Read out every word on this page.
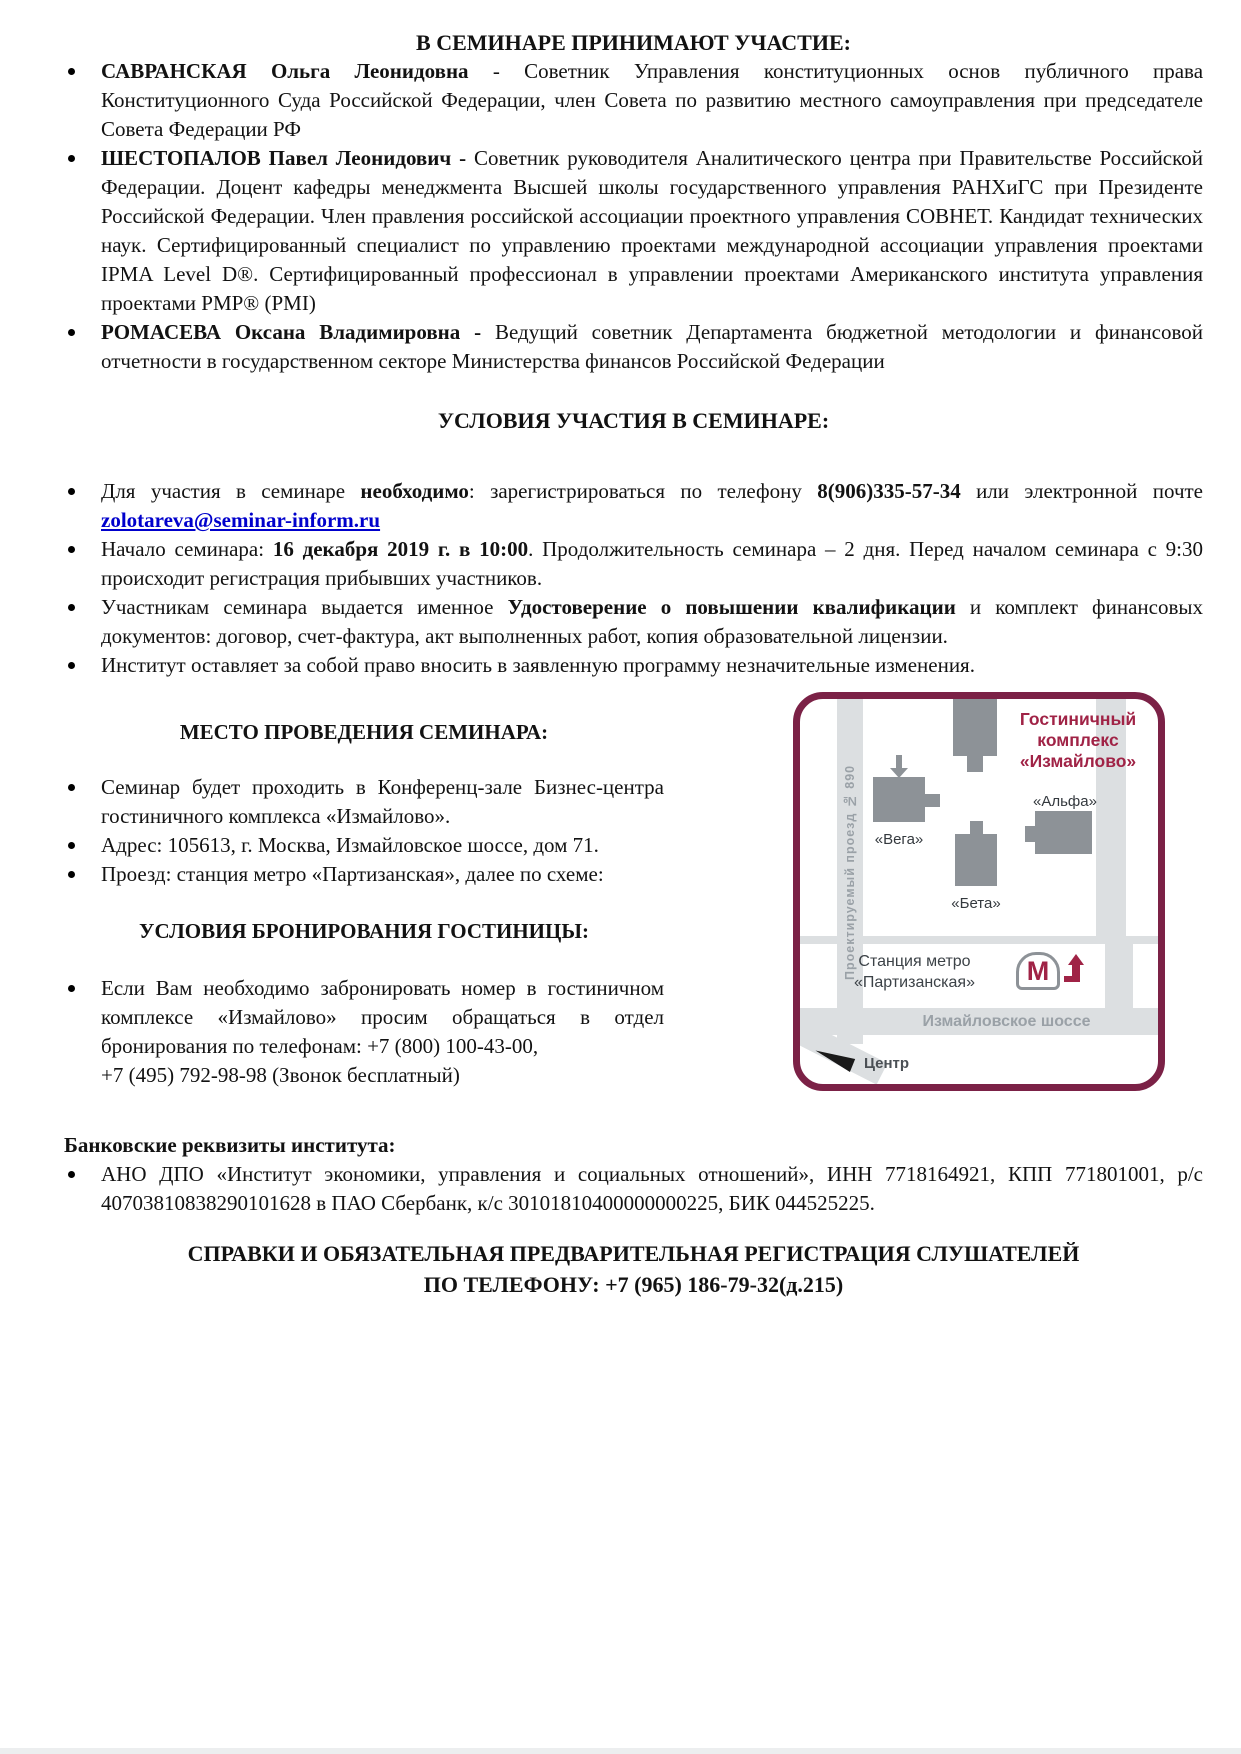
В СЕМИНАРЕ ПРИНИМАЮТ УЧАСТИЕ:
САВРАНСКАЯ Ольга Леонидовна - Советник Управления конституционных основ публичного права Конституционного Суда Российской Федерации, член Совета по развитию местного самоуправления при председателе Совета Федерации РФ
ШЕСТОПАЛОВ Павел Леонидович - Советник руководителя Аналитического центра при Правительстве Российской Федерации. Доцент кафедры менеджмента Высшей школы государственного управления РАНХиГС при Президенте Российской Федерации. Член правления российской ассоциации проектного управления СОВНЕТ. Кандидат технических наук. Сертифицированный специалист по управлению проектами международной ассоциации управления проектами IPMA Level D®. Сертифицированный профессионал в управлении проектами Американского института управления проектами PMP® (PMI)
РОМАСЕВА Оксана Владимировна - Ведущий советник Департамента бюджетной методологии и финансовой отчетности в государственном секторе Министерства финансов Российской Федерации
УСЛОВИЯ УЧАСТИЯ В СЕМИНАРЕ:
Для участия в семинаре необходимо: зарегистрироваться по телефону 8(906)335-57-34 или электронной почте zolotareva@seminar-inform.ru
Начало семинара: 16 декабря 2019 г. в 10:00. Продолжительность семинара – 2 дня. Перед началом семинара с 9:30 происходит регистрация прибывших участников.
Участникам семинара выдается именное Удостоверение о повышении квалификации и комплект финансовых документов: договор, счет-фактура, акт выполненных работ, копия образовательной лицензии.
Институт оставляет за собой право вносить в заявленную программу незначительные изменения.
МЕСТО ПРОВЕДЕНИЯ СЕМИНАРА:
Семинар будет проходить в Конференц-зале Бизнес-центра гостиничного комплекса «Измайлово».
Адрес: 105613, г. Москва, Измайловское шоссе, дом 71.
Проезд: станция метро «Партизанская», далее по схеме:
УСЛОВИЯ БРОНИРОВАНИЯ ГОСТИНИЦЫ:
Если Вам необходимо забронировать номер в гостиничном комплексе «Измайлово» просим обращаться в отдел бронирования по телефонам: +7 (800) 100-43-00,
+7 (495) 792-98-98 (Звонок бесплатный)
Проектируемый проезд № 890	«Вега»
«Бета»
«Альфа»
Гостиничный
комплекс
«Измайлово»
Станция метро
«Партизанская»	М
Измайловское шоссе
Центр
Банковские реквизиты института:
АНО ДПО «Институт экономики, управления и социальных отношений», ИНН 7718164921, КПП 771801001, р/с 40703810838290101628 в ПАО Сбербанк, к/с 30101810400000000225, БИК 044525225.
СПРАВКИ И ОБЯЗАТЕЛЬНАЯ ПРЕДВАРИТЕЛЬНАЯ РЕГИСТРАЦИЯ СЛУШАТЕЛЕЙ
ПО ТЕЛЕФОНУ: +7 (965) 186-79-32(д.215)
